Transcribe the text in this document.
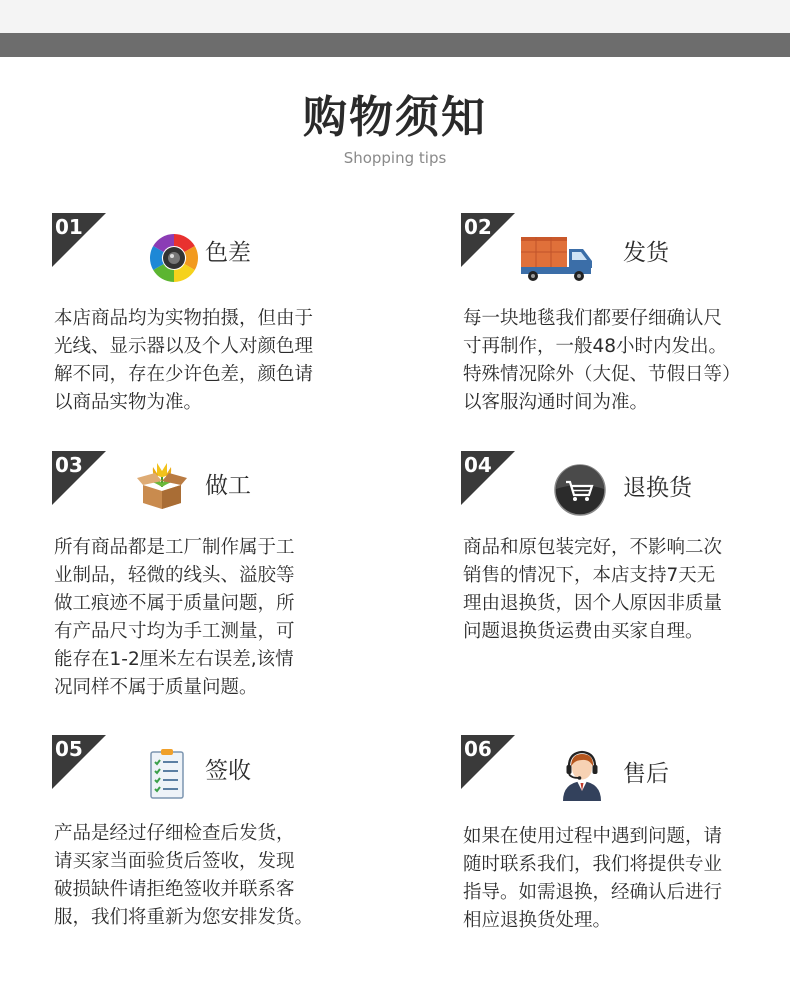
购物须知
Shopping tips
01
色差
本店商品均为实物拍摄，但由于
光线、显示器以及个人对颜色理
解不同，存在少许色差，颜色请
以商品实物为准。
02
发货
每一块地毯我们都要仔细确认尺
寸再制作，一般48小时内发出。
特殊情况除外（大促、节假日等）
以客服沟通时间为准。
03
做工
所有商品都是工厂制作属于工
业制品，轻微的线头、溢胶等
做工痕迹不属于质量问题，所
有产品尺寸均为手工测量，可
能存在1-2厘米左右误差,该情
况同样不属于质量问题。
04
退换货
商品和原包装完好，不影响二次
销售的情况下，本店支持7天无
理由退换货，因个人原因非质量
问题退换货运费由买家自理。
05
签收
产品是经过仔细检查后发货，
请买家当面验货后签收，发现
破损缺件请拒绝签收并联系客
服，我们将重新为您安排发货。
06
售后
如果在使用过程中遇到问题，请
随时联系我们，我们将提供专业
指导。如需退换，经确认后进行
相应退换货处理。
